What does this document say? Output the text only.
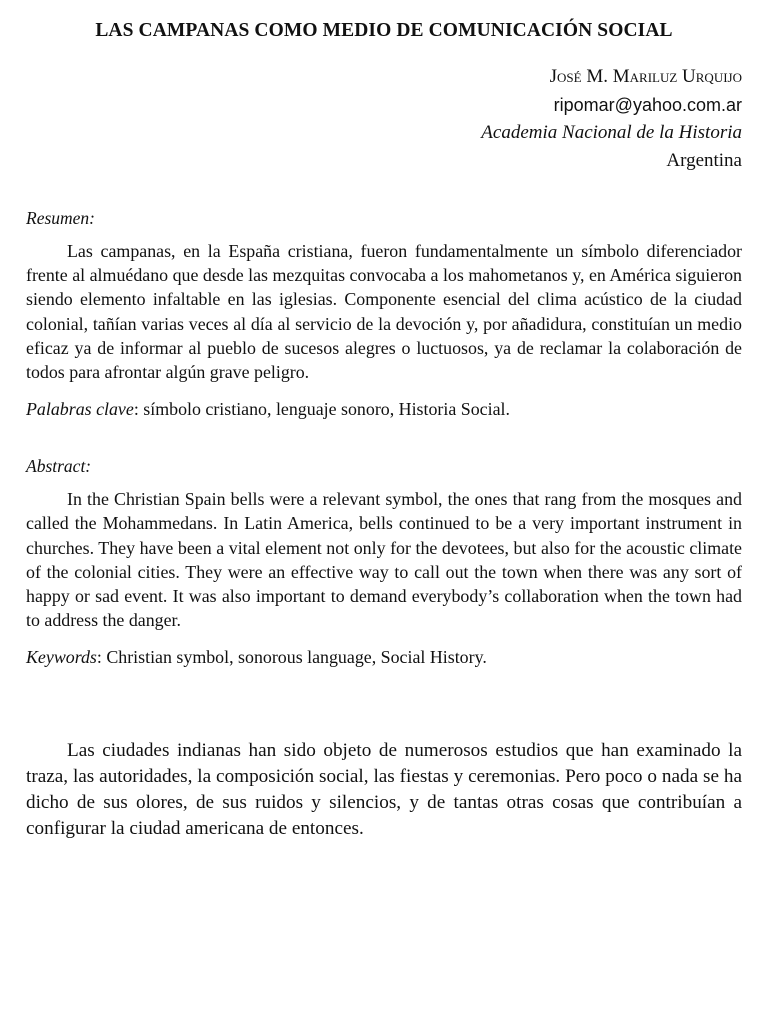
LAS CAMPANAS COMO MEDIO DE COMUNICACIÓN SOCIAL
José M. Mariluz Urquijo
ripomar@yahoo.com.ar
Academia Nacional de la Historia
Argentina

Resumen:

Las campanas, en la España cristiana, fueron fundamentalmente un símbolo diferenciador frente al almuédano que desde las mezquitas convocaba a los mahometanos y, en América siguieron siendo elemento infaltable en las iglesias. Componente esencial del clima acústico de la ciudad colonial, tañían varias veces al día al servicio de la devoción y, por añadidura, constituían un medio eficaz ya de informar al pueblo de sucesos alegres o luctuosos, ya de reclamar la colaboración de todos para afrontar algún grave peligro.

Palabras clave: símbolo cristiano, lenguaje sonoro, Historia Social.

Abstract:

In the Christian Spain bells were a relevant symbol, the ones that rang from the mosques and called the Mohammedans. In Latin America, bells continued to be a very important instrument in churches. They have been a vital element not only for the devotees, but also for the acoustic climate of the colonial cities. They were an effective way to call out the town when there was any sort of happy or sad event. It was also important to demand everybody’s collaboration when the town had to address the danger.

Keywords: Christian symbol, sonorous language, Social History.

Las ciudades indianas han sido objeto de numerosos estudios que han examinado la traza, las autoridades, la composición social, las fiestas y ceremonias. Pero poco o nada se ha dicho de sus olores, de sus ruidos y silencios, y de tantas otras cosas que contribuían a configurar la ciudad americana de entonces.
